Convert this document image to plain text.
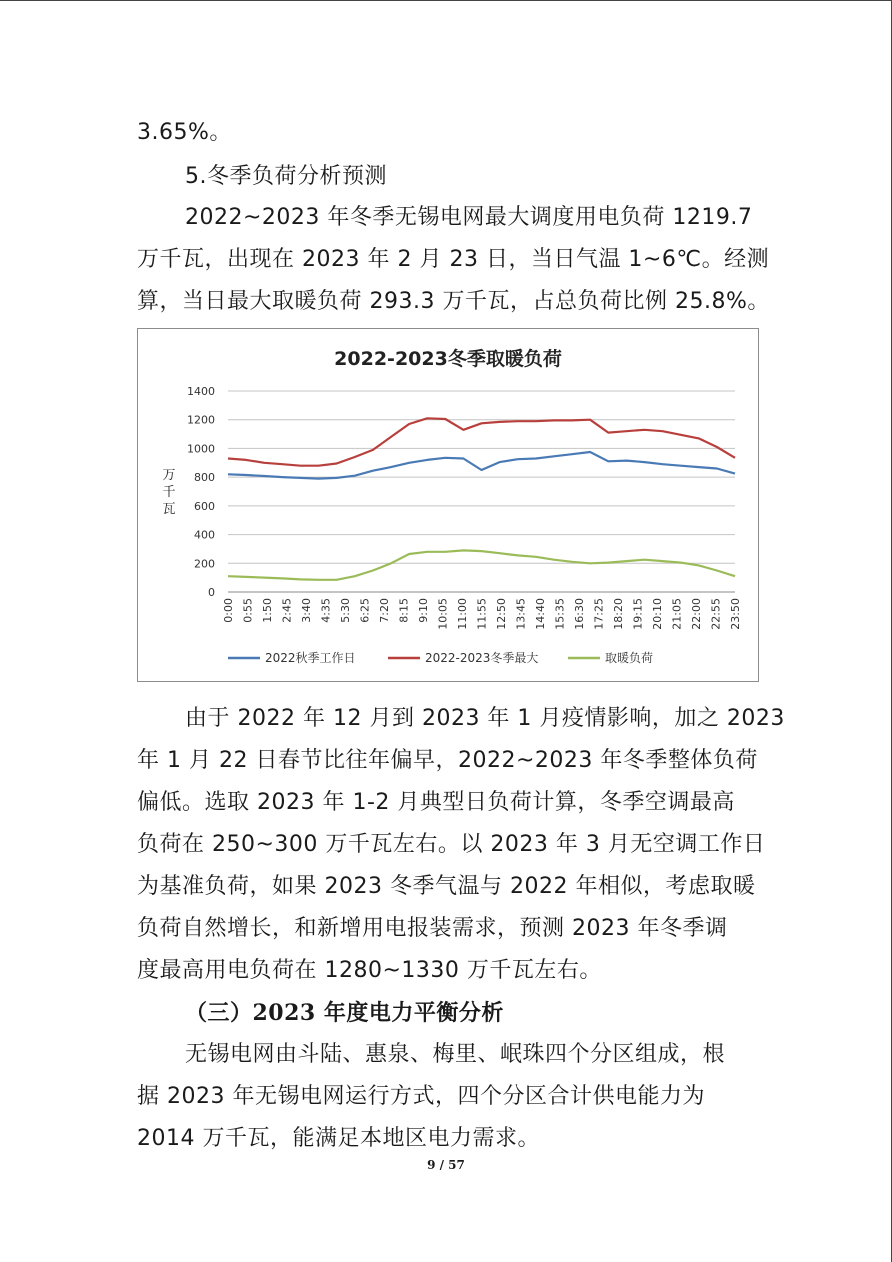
3.65%。
5.冬季负荷分析预测
2022~2023 年冬季无锡电网最大调度用电负荷 1219.7
万千瓦，出现在 2023 年 2 月 23 日，当日气温 1~6℃。经测
算，当日最大取暖负荷 293.3 万千瓦，占总负荷比例 25.8%。
2022-2023冬季取暖负荷
0
200
400
600
800
1000
1200
1400
万
千
瓦
0:00 0:55 1:50 2:45 3:40 4:35 5:30 6:25 7:20 8:15 9:10 10:05 11:00 11:55 12:50 13:45 14:40 15:35 16:30 17:25 18:20 19:15 20:10 21:05 22:00 22:55 23:50
2022秋季工作日	2022-2023冬季最大	取暖负荷
由于 2022 年 12 月到 2023 年 1 月疫情影响，加之 2023
年 1 月 22 日春节比往年偏早，2022~2023 年冬季整体负荷
偏低。选取 2023 年 1-2 月典型日负荷计算，冬季空调最高
负荷在 250~300 万千瓦左右。以 2023 年 3 月无空调工作日
为基准负荷，如果 2023 冬季气温与 2022 年相似，考虑取暖
负荷自然增长，和新增用电报装需求，预测 2023 年冬季调
度最高用电负荷在 1280~1330 万千瓦左右。
（三）2023 年度电力平衡分析
无锡电网由斗陆、惠泉、梅里、岷珠四个分区组成，根
据 2023 年无锡电网运行方式，四个分区合计供电能力为
2014 万千瓦，能满足本地区电力需求。
9 / 57
